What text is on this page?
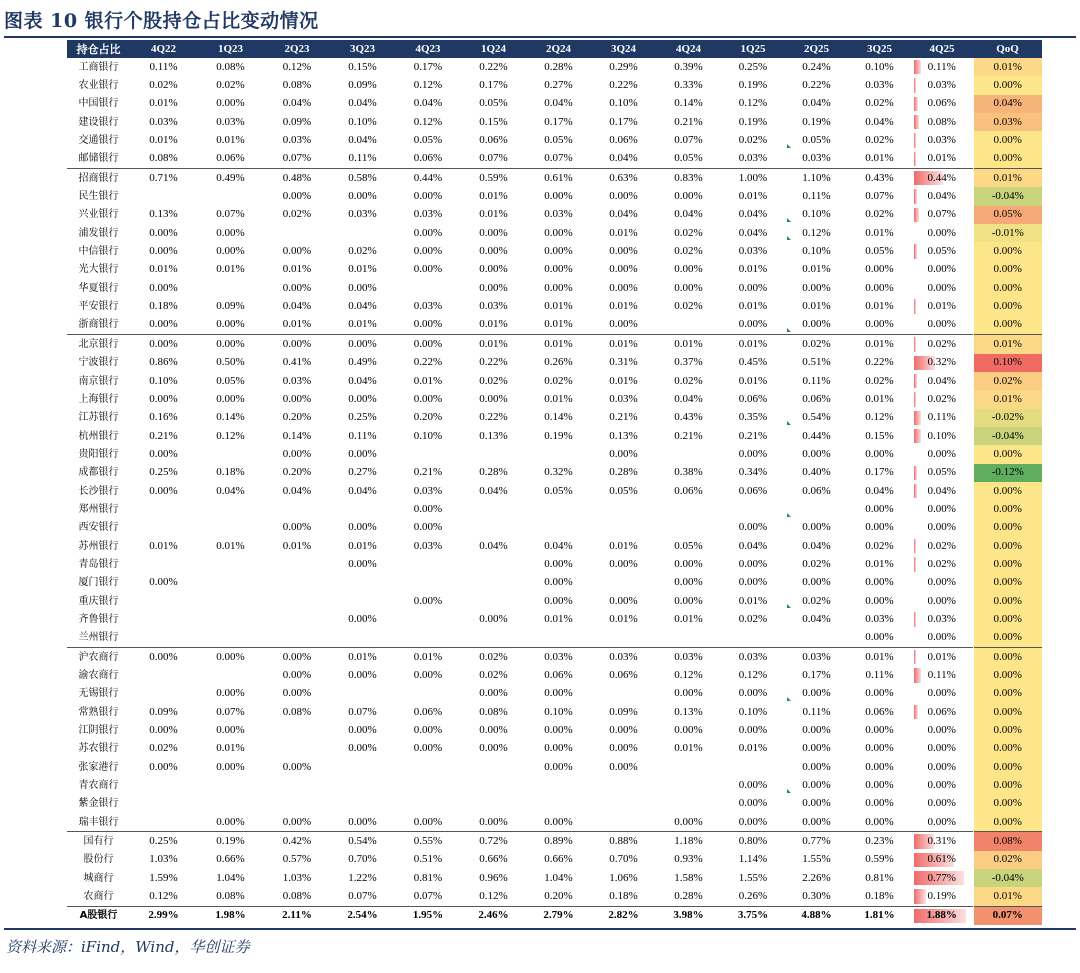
图表 10 银行个股持仓占比变动情况
持仓占比	4Q22	1Q23	2Q23	3Q23	4Q23	1Q24	2Q24	3Q24	4Q24	1Q25	2Q25	3Q25	4Q25	QoQ
工商银行	0.11%	0.08%	0.12%	0.15%	0.17%	0.22%	0.28%	0.29%	0.39%	0.25%	0.24%	0.10%	0.11%	0.01%
农业银行	0.02%	0.02%	0.08%	0.09%	0.12%	0.17%	0.27%	0.22%	0.33%	0.19%	0.22%	0.03%	0.03%	0.00%
中国银行	0.01%	0.00%	0.04%	0.04%	0.04%	0.05%	0.04%	0.10%	0.14%	0.12%	0.04%	0.02%	0.06%	0.04%
建设银行	0.03%	0.03%	0.09%	0.10%	0.12%	0.15%	0.17%	0.17%	0.21%	0.19%	0.19%	0.04%	0.08%	0.03%
交通银行	0.01%	0.01%	0.03%	0.04%	0.05%	0.06%	0.05%	0.06%	0.07%	0.02%	0.05%	0.02%	0.03%	0.00%
邮储银行	0.08%	0.06%	0.07%	0.11%	0.06%	0.07%	0.07%	0.04%	0.05%	0.03%	0.03%	0.01%	0.01%	0.00%
招商银行	0.71%	0.49%	0.48%	0.58%	0.44%	0.59%	0.61%	0.63%	0.83%	1.00%	1.10%	0.43%	0.44%	0.01%
民生银行			0.00%	0.00%	0.00%	0.01%	0.00%	0.00%	0.00%	0.01%	0.11%	0.07%	0.04%	-0.04%
兴业银行	0.13%	0.07%	0.02%	0.03%	0.03%	0.01%	0.03%	0.04%	0.04%	0.04%	0.10%	0.02%	0.07%	0.05%
浦发银行	0.00%	0.00%			0.00%	0.00%	0.00%	0.01%	0.02%	0.04%	0.12%	0.01%	0.00%	-0.01%
中信银行	0.00%	0.00%	0.00%	0.02%	0.00%	0.00%	0.00%	0.00%	0.02%	0.03%	0.10%	0.05%	0.05%	0.00%
光大银行	0.01%	0.01%	0.01%	0.01%	0.00%	0.00%	0.00%	0.00%	0.00%	0.01%	0.01%	0.00%	0.00%	0.00%
华夏银行	0.00%		0.00%	0.00%		0.00%	0.00%	0.00%	0.00%	0.00%	0.00%	0.00%	0.00%	0.00%
平安银行	0.18%	0.09%	0.04%	0.04%	0.03%	0.03%	0.01%	0.01%	0.02%	0.01%	0.01%	0.01%	0.01%	0.00%
浙商银行	0.00%	0.00%	0.01%	0.01%	0.00%	0.01%	0.01%	0.00%		0.00%	0.00%	0.00%	0.00%	0.00%
北京银行	0.00%	0.00%	0.00%	0.00%	0.00%	0.01%	0.01%	0.01%	0.01%	0.01%	0.02%	0.01%	0.02%	0.01%
宁波银行	0.86%	0.50%	0.41%	0.49%	0.22%	0.22%	0.26%	0.31%	0.37%	0.45%	0.51%	0.22%	0.32%	0.10%
南京银行	0.10%	0.05%	0.03%	0.04%	0.01%	0.02%	0.02%	0.01%	0.02%	0.01%	0.11%	0.02%	0.04%	0.02%
上海银行	0.00%	0.00%	0.00%	0.00%	0.00%	0.00%	0.01%	0.03%	0.04%	0.06%	0.06%	0.01%	0.02%	0.01%
江苏银行	0.16%	0.14%	0.20%	0.25%	0.20%	0.22%	0.14%	0.21%	0.43%	0.35%	0.54%	0.12%	0.11%	-0.02%
杭州银行	0.21%	0.12%	0.14%	0.11%	0.10%	0.13%	0.19%	0.13%	0.21%	0.21%	0.44%	0.15%	0.10%	-0.04%
贵阳银行	0.00%		0.00%	0.00%				0.00%		0.00%	0.00%	0.00%	0.00%	0.00%
成都银行	0.25%	0.18%	0.20%	0.27%	0.21%	0.28%	0.32%	0.28%	0.38%	0.34%	0.40%	0.17%	0.05%	-0.12%
长沙银行	0.00%	0.04%	0.04%	0.04%	0.03%	0.04%	0.05%	0.05%	0.06%	0.06%	0.06%	0.04%	0.04%	0.00%
郑州银行					0.00%							0.00%	0.00%	0.00%
西安银行			0.00%	0.00%	0.00%					0.00%	0.00%	0.00%	0.00%	0.00%
苏州银行	0.01%	0.01%	0.01%	0.01%	0.03%	0.04%	0.04%	0.01%	0.05%	0.04%	0.04%	0.02%	0.02%	0.00%
青岛银行				0.00%			0.00%	0.00%	0.00%	0.00%	0.02%	0.01%	0.02%	0.00%
厦门银行	0.00%						0.00%		0.00%	0.00%	0.00%	0.00%	0.00%	0.00%
重庆银行					0.00%		0.00%	0.00%	0.00%	0.01%	0.02%	0.00%	0.00%	0.00%
齐鲁银行				0.00%		0.00%	0.01%	0.01%	0.01%	0.02%	0.04%	0.03%	0.03%	0.00%
兰州银行												0.00%	0.00%	0.00%
沪农商行	0.00%	0.00%	0.00%	0.01%	0.01%	0.02%	0.03%	0.03%	0.03%	0.03%	0.03%	0.01%	0.01%	0.00%
渝农商行			0.00%	0.00%	0.00%	0.02%	0.06%	0.06%	0.12%	0.12%	0.17%	0.11%	0.11%	0.00%
无锡银行		0.00%	0.00%			0.00%	0.00%		0.00%	0.00%	0.00%	0.00%	0.00%	0.00%
常熟银行	0.09%	0.07%	0.08%	0.07%	0.06%	0.08%	0.10%	0.09%	0.13%	0.10%	0.11%	0.06%	0.06%	0.00%
江阴银行	0.00%	0.00%		0.00%	0.00%	0.00%	0.00%	0.00%	0.00%	0.00%	0.00%	0.00%	0.00%	0.00%
苏农银行	0.02%	0.01%		0.00%	0.00%	0.00%	0.00%	0.00%	0.01%	0.01%	0.00%	0.00%	0.00%	0.00%
张家港行	0.00%	0.00%	0.00%				0.00%	0.00%			0.00%	0.00%	0.00%	0.00%
青农商行										0.00%	0.00%	0.00%	0.00%	0.00%
紫金银行										0.00%	0.00%	0.00%	0.00%	0.00%
瑞丰银行		0.00%	0.00%	0.00%	0.00%	0.00%	0.00%		0.00%	0.00%	0.00%	0.00%	0.00%	0.00%
国有行	0.25%	0.19%	0.42%	0.54%	0.55%	0.72%	0.89%	0.88%	1.18%	0.80%	0.77%	0.23%	0.31%	0.08%
股份行	1.03%	0.66%	0.57%	0.70%	0.51%	0.66%	0.66%	0.70%	0.93%	1.14%	1.55%	0.59%	0.61%	0.02%
城商行	1.59%	1.04%	1.03%	1.22%	0.81%	0.96%	1.04%	1.06%	1.58%	1.55%	2.26%	0.81%	0.77%	-0.04%
农商行	0.12%	0.08%	0.08%	0.07%	0.07%	0.12%	0.20%	0.18%	0.28%	0.26%	0.30%	0.18%	0.19%	0.01%
A股银行	2.99%	1.98%	2.11%	2.54%	1.95%	2.46%	2.79%	2.82%	3.98%	3.75%	4.88%	1.81%	1.88%	0.07%
资料来源：iFind，Wind，华创证券
